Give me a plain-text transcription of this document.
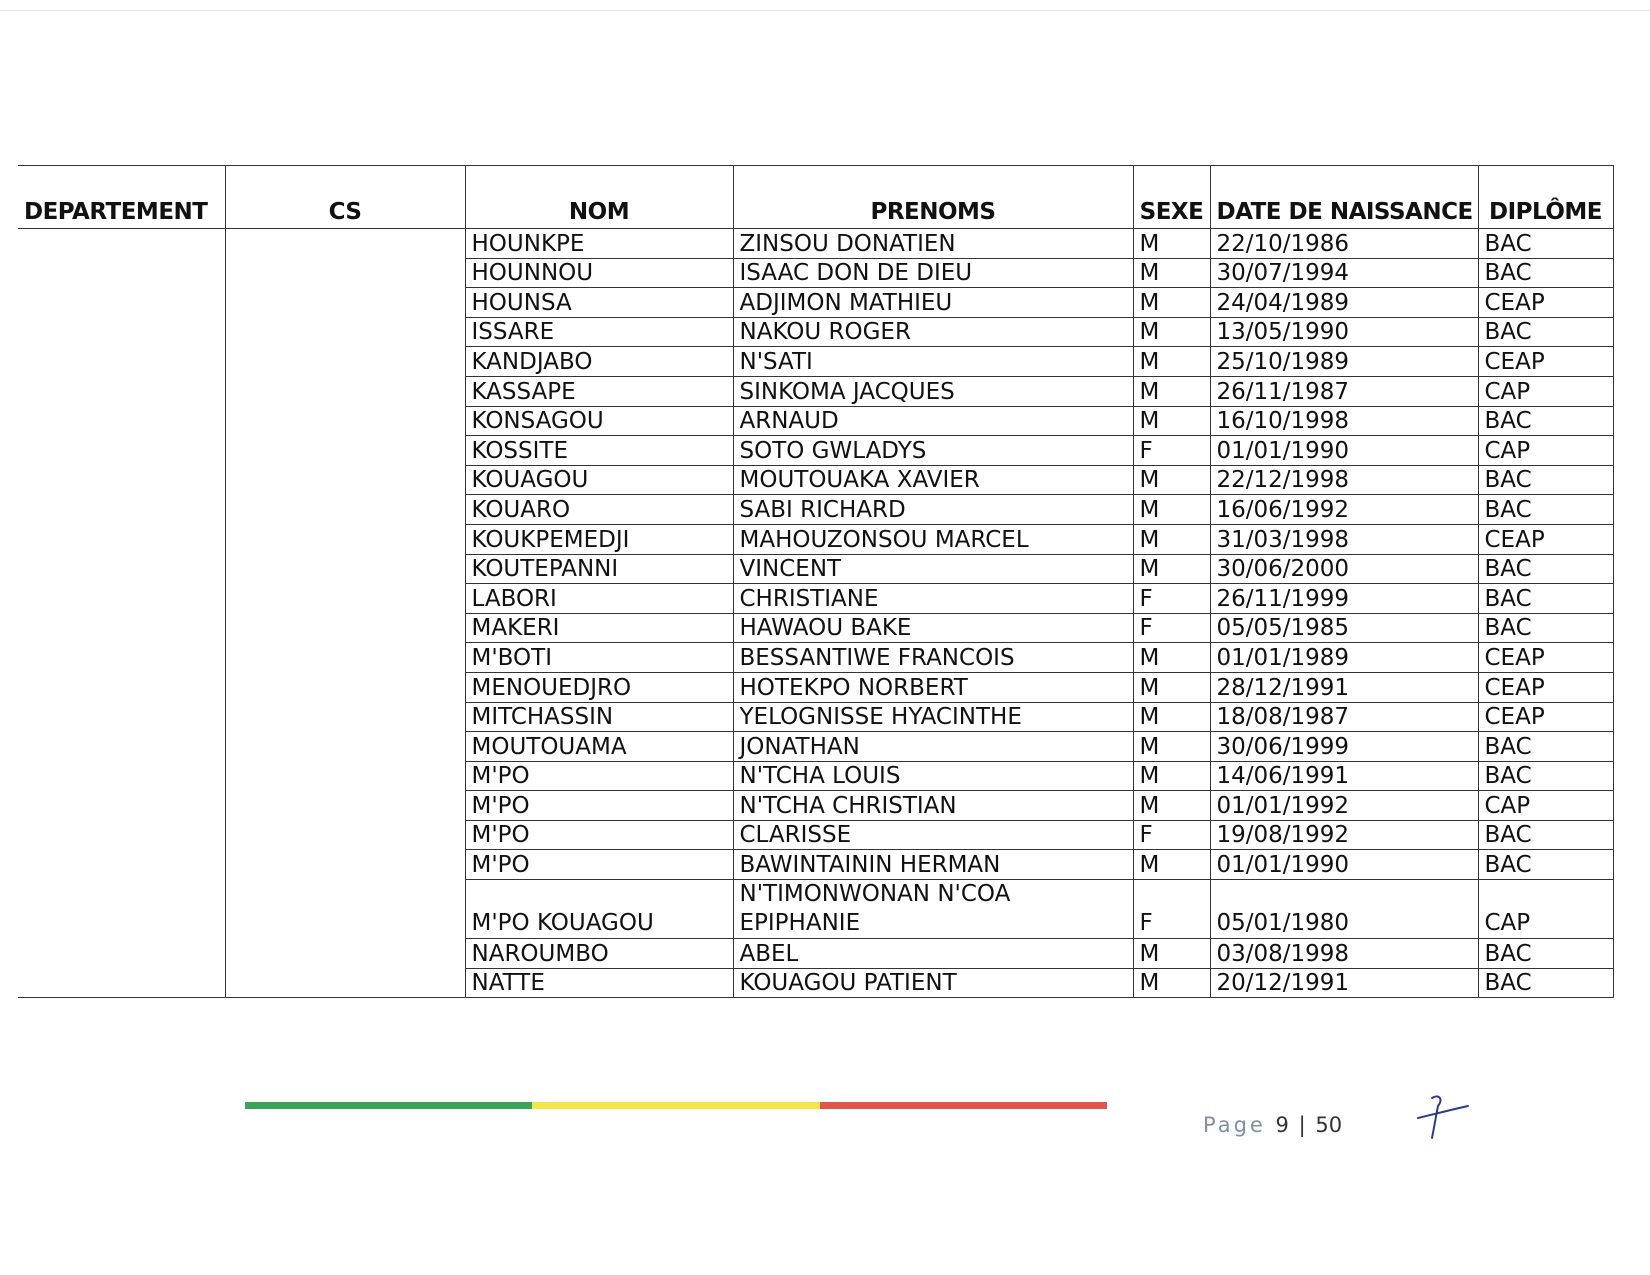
DEPARTEMENT	CS	NOM	PRENOMS	SEXE	DATE DE NAISSANCE	DIPLÔME
		HOUNKPE	ZINSOU DONATIEN	M	22/10/1986	BAC
		HOUNNOU	ISAAC DON DE DIEU	M	30/07/1994	BAC
		HOUNSA	ADJIMON MATHIEU	M	24/04/1989	CEAP
		ISSARE	NAKOU ROGER	M	13/05/1990	BAC
		KANDJABO	N'SATI	M	25/10/1989	CEAP
		KASSAPE	SINKOMA JACQUES	M	26/11/1987	CAP
		KONSAGOU	ARNAUD	M	16/10/1998	BAC
		KOSSITE	SOTO GWLADYS	F	01/01/1990	CAP
		KOUAGOU	MOUTOUAKA XAVIER	M	22/12/1998	BAC
		KOUARO	SABI RICHARD	M	16/06/1992	BAC
		KOUKPEMEDJI	MAHOUZONSOU MARCEL	M	31/03/1998	CEAP
		KOUTEPANNI	VINCENT	M	30/06/2000	BAC
		LABORI	CHRISTIANE	F	26/11/1999	BAC
		MAKERI	HAWAOU BAKE	F	05/05/1985	BAC
		M'BOTI	BESSANTIWE FRANCOIS	M	01/01/1989	CEAP
		MENOUEDJRO	HOTEKPO NORBERT	M	28/12/1991	CEAP
		MITCHASSIN	YELOGNISSE HYACINTHE	M	18/08/1987	CEAP
		MOUTOUAMA	JONATHAN	M	30/06/1999	BAC
		M'PO	N'TCHA LOUIS	M	14/06/1991	BAC
		M'PO	N'TCHA CHRISTIAN	M	01/01/1992	CAP
		M'PO	CLARISSE	F	19/08/1992	BAC
		M'PO	BAWINTAININ HERMAN	M	01/01/1990	BAC
		M'PO KOUAGOU	N'TIMONWONAN N'COA EPIPHANIE	F	05/01/1980	CAP
		NAROUMBO	ABEL	M	03/08/1998	BAC
		NATTE	KOUAGOU PATIENT	M	20/12/1991	BAC
Page 9 | 50
